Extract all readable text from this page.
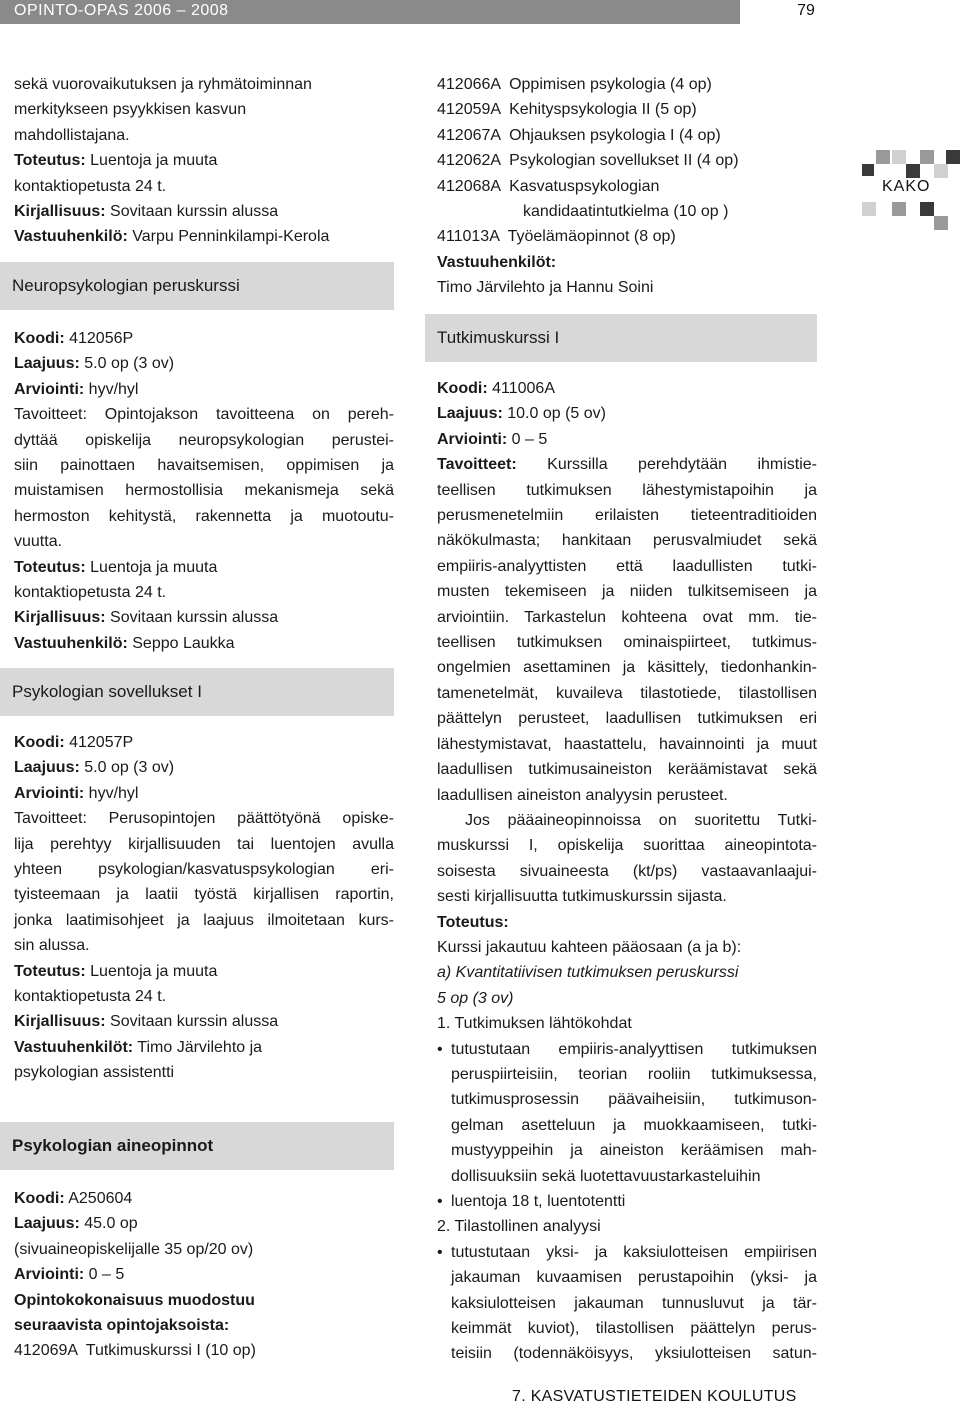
OPINTO-OPAS 2006 – 2008	79
KAKO
sekä vuorovaikutuksen ja ryhmätoiminnan
merkitykseen psyykkisen kasvun
mahdollistajana.
Toteutus: Luentoja ja muuta
kontaktiopetusta 24 t.
Kirjallisuus: Sovitaan kurssin alussa
Vastuuhenkilö: Varpu Penninkilampi-Kerola
Neuropsykologian peruskurssi
Koodi: 412056P
Laajuus: 5.0 op (3 ov)
Arviointi: hyv/hyl
Tavoitteet: Opintojakson tavoitteena on pereh-
dyttää opiskelija neuropsykologian perustei-
siin painottaen havaitsemisen, oppimisen ja
muistamisen hermostollisia mekanismeja sekä
hermoston kehitystä, rakennetta ja muotoutu-
vuutta.
Toteutus: Luentoja ja muuta
kontaktiopetusta 24 t.
Kirjallisuus: Sovitaan kurssin alussa
Vastuuhenkilö: Seppo Laukka
Psykologian sovellukset I
Koodi: 412057P
Laajuus: 5.0 op (3 ov)
Arviointi: hyv/hyl
Tavoitteet: Perusopintojen päättötyönä opiske-
lija perehtyy kirjallisuuden tai luentojen avulla
yhteen psykologian/kasvatuspsykologian eri-
tyisteemaan ja laatii työstä kirjallisen raportin,
jonka laatimisohjeet ja laajuus ilmoitetaan kurs-
sin alussa.
Toteutus: Luentoja ja muuta
kontaktiopetusta 24 t.
Kirjallisuus: Sovitaan kurssin alussa
Vastuuhenkilöt: Timo Järvilehto ja
psykologian assistentti
Psykologian aineopinnot
Koodi: A250604
Laajuus: 45.0 op
(sivuaineopiskelijalle 35 op/20 ov)
Arviointi: 0 – 5
Opintokokonaisuus muodostuu
seuraavista opintojaksoista:
412069A  Tutkimuskurssi I (10 op)
412066A  Oppimisen psykologia (4 op)
412059A  Kehityspsykologia II (5 op)
412067A  Ohjauksen psykologia I (4 op)
412062A  Psykologian sovellukset II (4 op)
412068A  Kasvatuspsykologian
kandidaatintutkielma (10 op )
411013A  Työelämäopinnot (8 op)
Vastuuhenkilöt:
Timo Järvilehto ja Hannu Soini
Tutkimuskurssi I
Koodi: 411006A
Laajuus: 10.0 op (5 ov)
Arviointi: 0 – 5
Tavoitteet: Kurssilla perehdytään ihmistie-
teellisen tutkimuksen lähestymistapoihin ja
perusmenetelmiin erilaisten tieteentraditioiden
näkökulmasta; hankitaan perusvalmiudet sekä
empiiris-analyyttisten että laadullisten tutki-
musten tekemiseen ja niiden tulkitsemiseen ja
arviointiin. Tarkastelun kohteena ovat mm. tie-
teellisen tutkimuksen ominaispiirteet, tutkimus-
ongelmien asettaminen ja käsittely, tiedonhankin-
tamenetelmät, kuvaileva tilastotiede, tilastollisen
päättelyn perusteet, laadullisen tutkimuksen eri
lähestymistavat, haastattelu, havainnointi ja muut
laadullisen tutkimusaineiston keräämistavat sekä
laadullisen aineiston analyysin perusteet.
Jos pääaineopinnoissa on suoritettu Tutki-
muskurssi I, opiskelija suorittaa aineopintota-
soisesta sivuaineesta (kt/ps) vastaavanlaajui-
sesti kirjallisuutta tutkimuskurssin sijasta.
Toteutus:
Kurssi jakautuu kahteen pääosaan (a ja b):
a) Kvantitatiivisen tutkimuksen peruskurssi
5 op (3 ov)
1. Tutkimuksen lähtökohdat
• tutustutaan empiiris-analyyttisen tutkimuksen
peruspiirteisiin, teorian rooliin tutkimuksessa,
tutkimusprosessin päävaiheisiin, tutkimuson-
gelman asetteluun ja muokkaamiseen, tutki-
mustyyppeihin ja aineiston keräämisen mah-
dollisuuksiin sekä luotettavuustarkasteluihin
• luentoja 18 t, luentotentti
2. Tilastollinen analyysi
• tutustutaan yksi- ja kaksiulotteisen empiirisen
jakauman kuvaamisen perustapoihin (yksi- ja
kaksiulotteisen jakauman tunnusluvut ja tär-
keimmät kuviot), tilastollisen päättelyn perus-
teisiin (todennäköisyys, yksiulotteisen satun-
7. KASVATUSTIETEIDEN KOULUTUS
